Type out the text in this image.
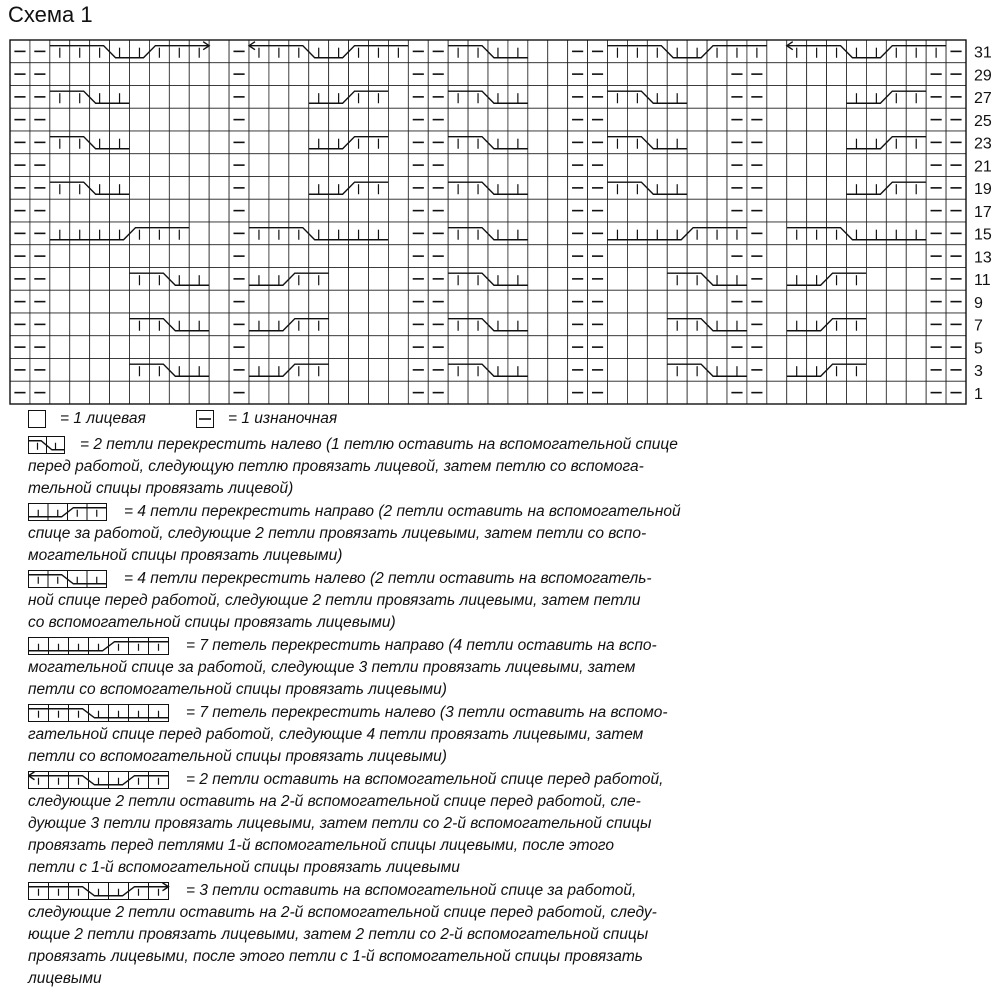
Схема 1
31
29
27
25
23
21
19
17
15
13
11
9
7
5
3
1
= 1 лицевая	= 1 изнаночная
= 2 петли перекрестить налево (1 петлю оставить на вспомогательной спице
перед работой, следующую петлю провязать лицевой, затем петлю со вспомога-
тельной спицы провязать лицевой)
= 4 петли перекрестить направо (2 петли оставить на вспомогательной
спице за работой, следующие 2 петли провязать лицевыми, затем петли со вспо-
могательной спицы провязать лицевыми)
= 4 петли перекрестить налево (2 петли оставить на вспомогатель-
ной спице перед работой, следующие 2 петли провязать лицевыми, затем петли
со вспомогательной спицы провязать лицевыми)
= 7 петель перекрестить направо (4 петли оставить на вспо-
могательной спице за работой, следующие 3 петли провязать лицевыми, затем
петли со вспомогательной спицы провязать лицевыми)
= 7 петель перекрестить налево (3 петли оставить на вспомо-
гательной спице перед работой, следующие 4 петли провязать лицевыми, затем
петли со вспомогательной спицы провязать лицевыми)
= 2 петли оставить на вспомогательной спице перед работой,
следующие 2 петли оставить на 2-й вспомогательной спице перед работой, сле-
дующие 3 петли провязать лицевыми, затем петли со 2-й вспомогательной спицы
провязать перед петлями 1-й вспомогательной спицы лицевыми, после этого
петли с 1-й вспомогательной спицы провязать лицевыми
= 3 петли оставить на вспомогательной спице за работой,
следующие 2 петли оставить на 2-й вспомогательной спице перед работой, следу-
ющие 2 петли провязать лицевыми, затем 2 петли со 2-й вспомогательной спицы
провязать лицевыми, после этого петли с 1-й вспомогательной спицы провязать
лицевыми
